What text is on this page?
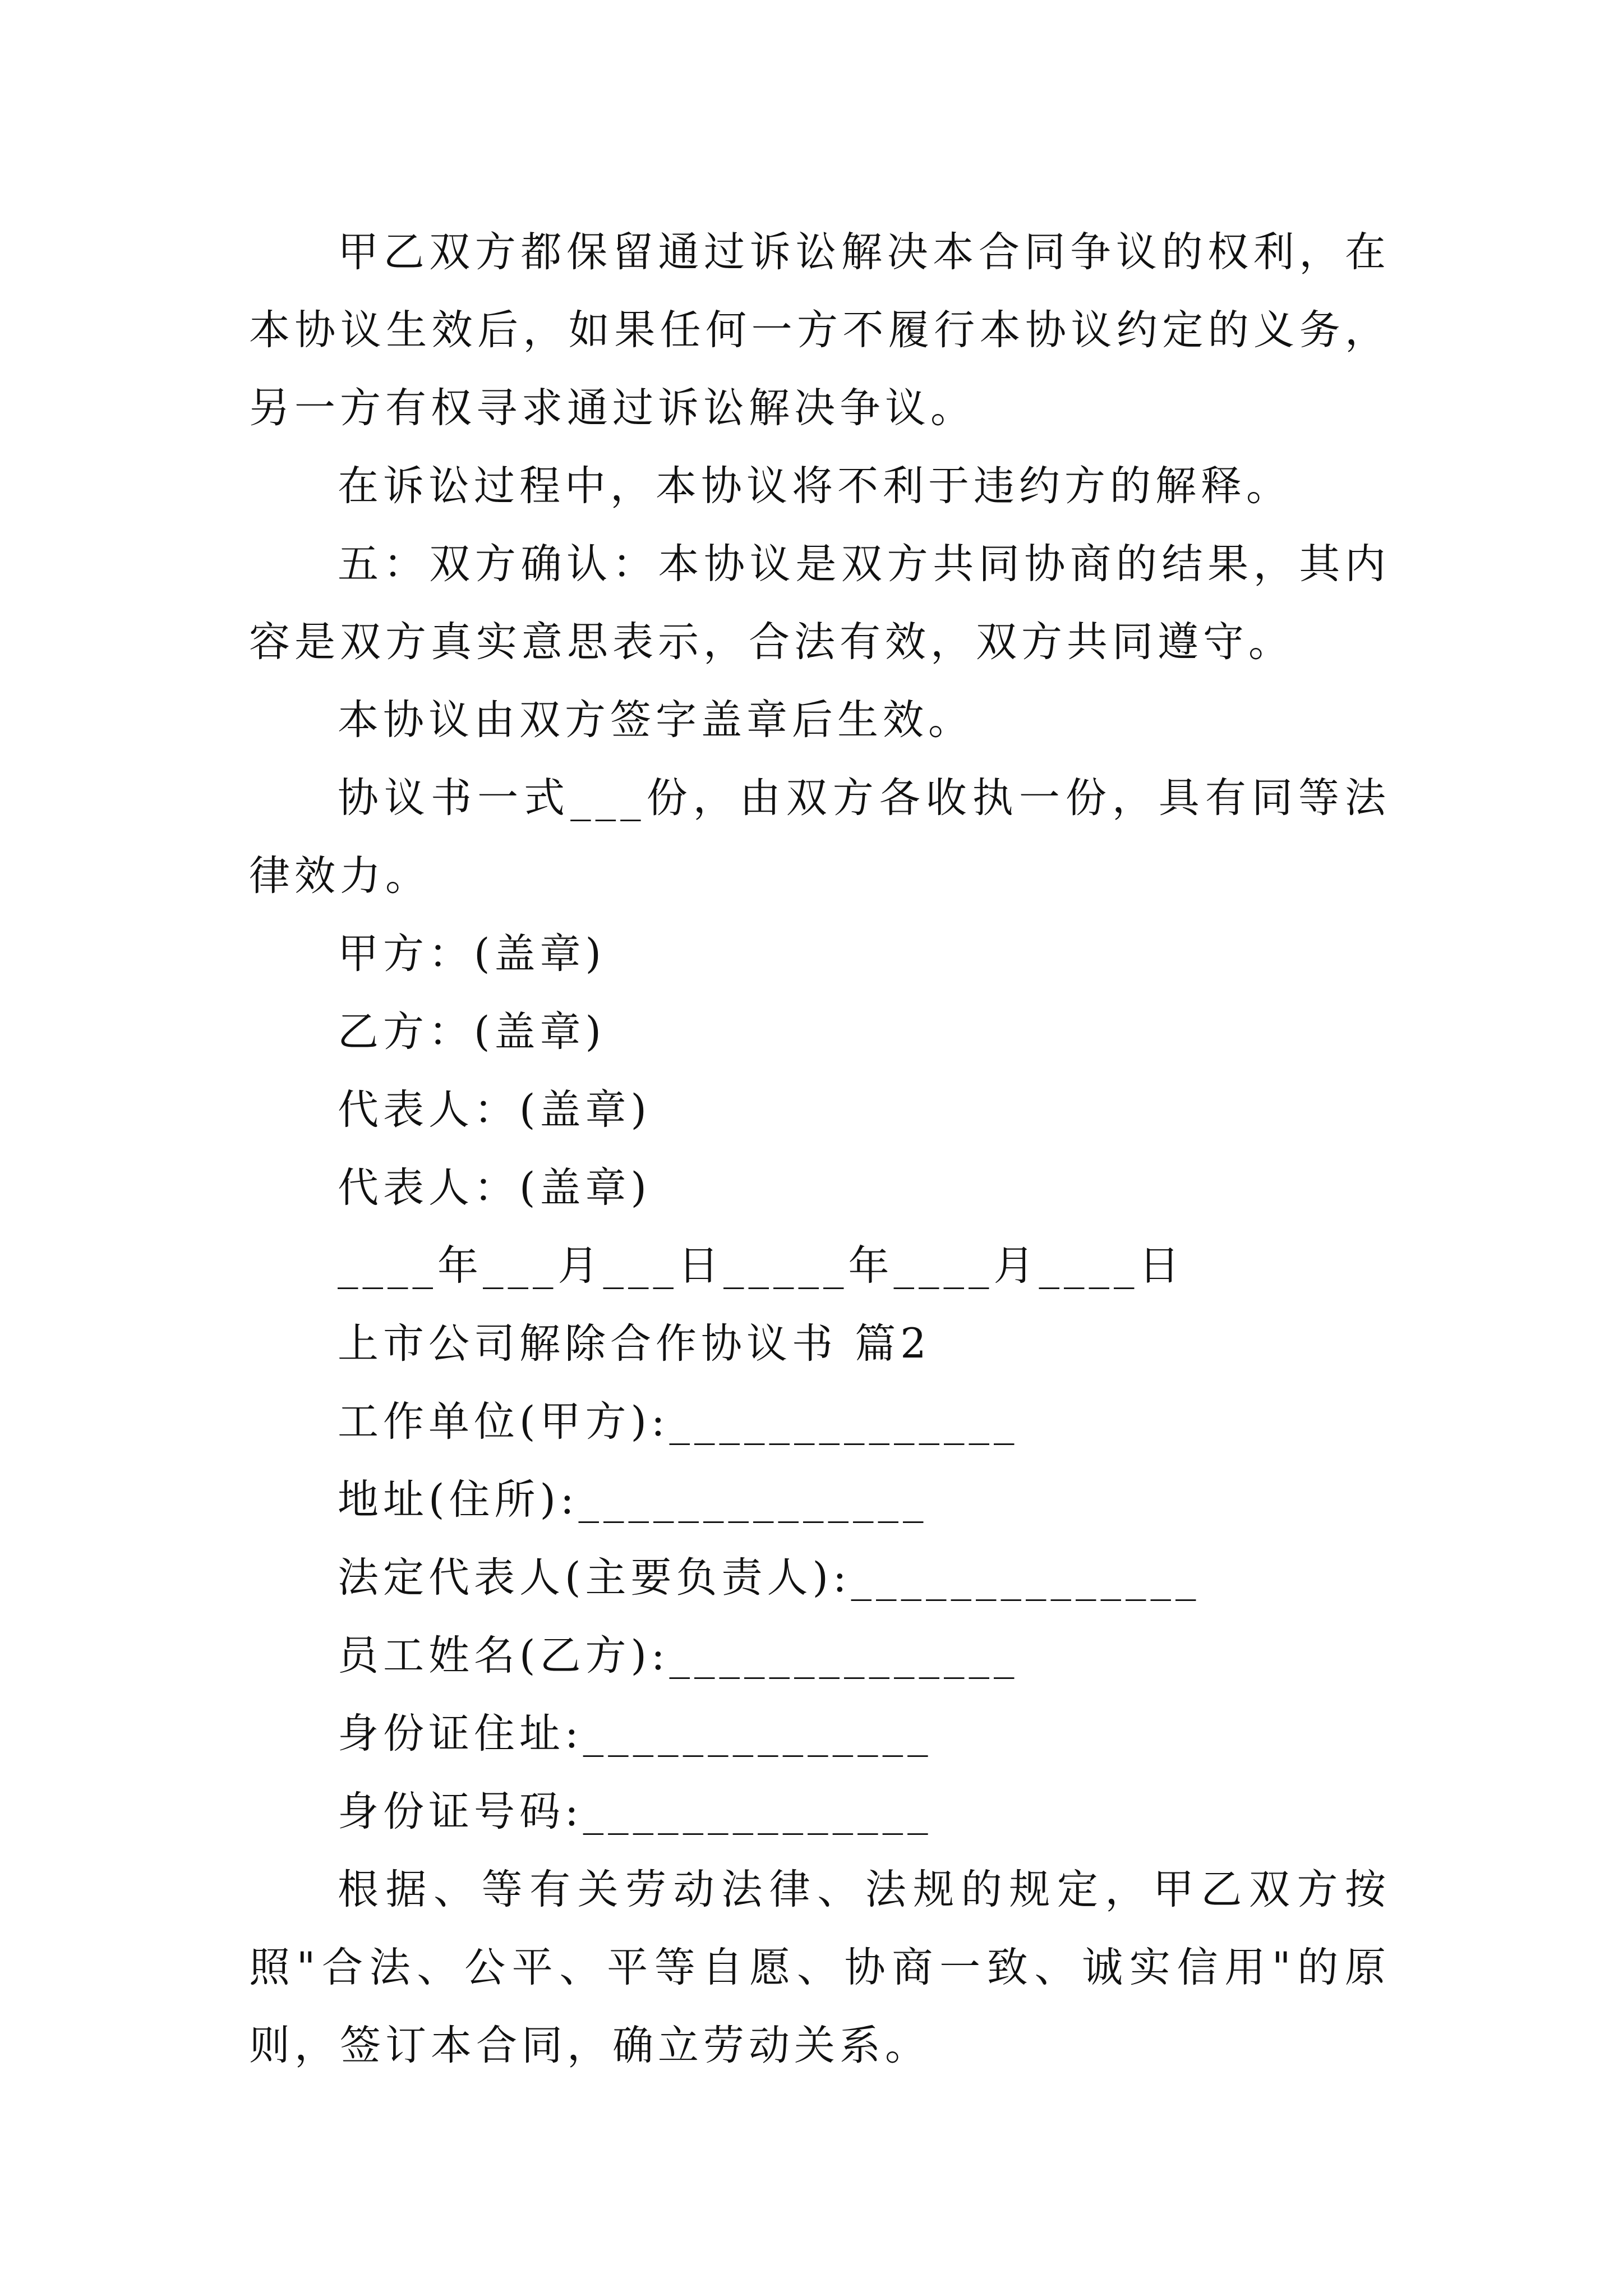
甲乙双方都保留通过诉讼解决本合同争议的权利，在本协议生效后，如果任何一方不履行本协议约定的义务，另一方有权寻求通过诉讼解决争议。

在诉讼过程中，本协议将不利于违约方的解释。

五：双方确认：本协议是双方共同协商的结果，其内容是双方真实意思表示，合法有效，双方共同遵守。

本协议由双方签字盖章后生效。

协议书一式___份，由双方各收执一份，具有同等法律效力。

甲方：(盖章)

乙方：(盖章)

代表人：(盖章)

代表人：(盖章)

____年___月___日_____年____月____日

上市公司解除合作协议书 篇2

工作单位(甲方):______________

地址(住所):______________

法定代表人(主要负责人):______________

员工姓名(乙方):______________

身份证住址:______________

身份证号码:______________

根据、等有关劳动法律、法规的规定，甲乙双方按照"合法、公平、平等自愿、协商一致、诚实信用"的原则，签订本合同，确立劳动关系。
